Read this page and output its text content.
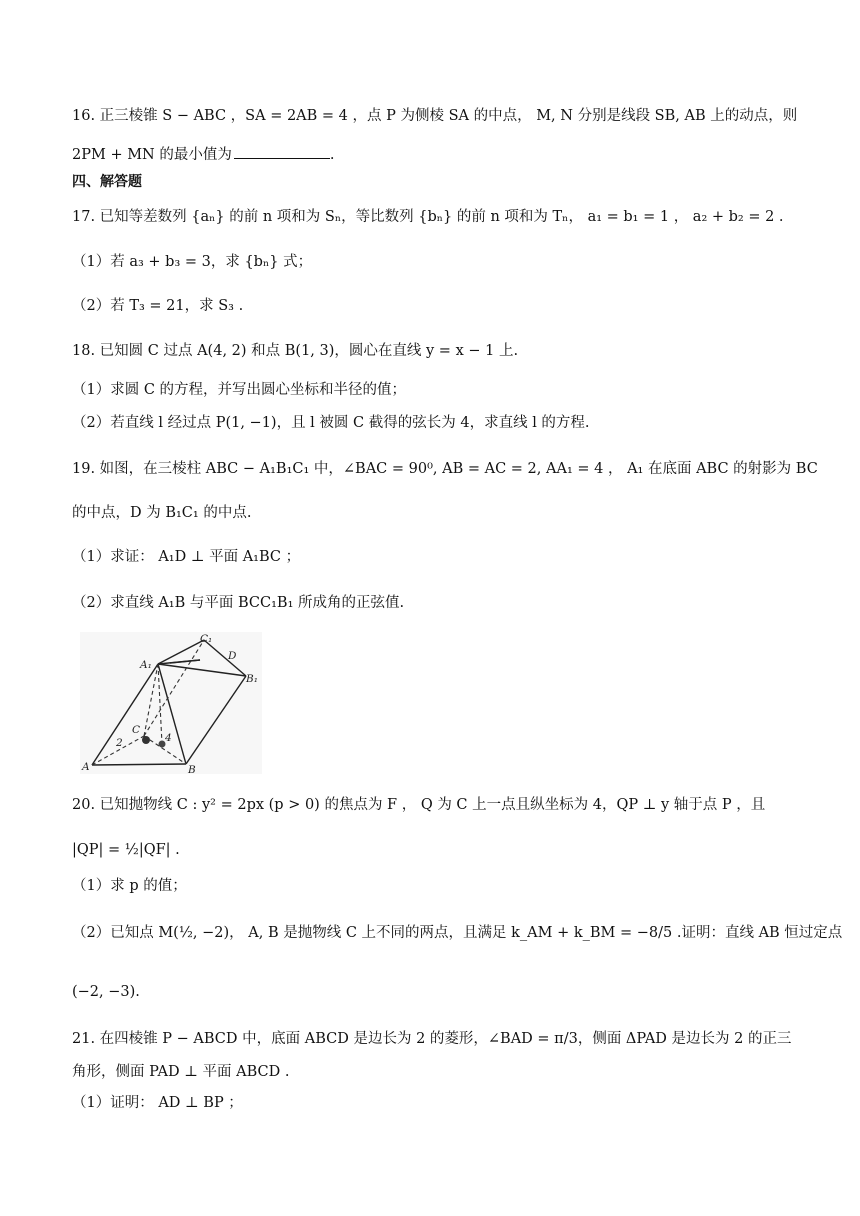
16. 正三棱锥 S − ABC ，SA = 2AB = 4 ，点 P 为侧棱 SA 的中点， M, N 分别是线段 SB, AB 上的动点，则
2PM + MN 的最小值为	.
四、解答题
17. 已知等差数列 {aₙ} 的前 n 项和为 Sₙ，等比数列 {bₙ} 的前 n 项和为 Tₙ， a₁ = b₁ = 1 ， a₂ + b₂ = 2 .
（1）若 a₃ + b₃ = 3，求 {bₙ} 式；
（2）若 T₃ = 21，求 S₃ .
18. 已知圆 C 过点 A(4, 2) 和点 B(1, 3)，圆心在直线 y = x − 1 上.
（1）求圆 C 的方程，并写出圆心坐标和半径的值；
（2）若直线 l 经过点 P(1, −1)，且 l 被圆 C 截得的弦长为 4，求直线 l 的方程.
19. 如图，在三棱柱 ABC − A₁B₁C₁ 中，∠BAC = 90⁰, AB = AC = 2, AA₁ = 4 ， A₁ 在底面 ABC 的射影为 BC
的中点，D 为 B₁C₁ 的中点.
（1）求证： A₁D ⊥ 平面 A₁BC ；
（2）求直线 A₁B 与平面 BCC₁B₁ 所成角的正弦值.
C₁
D
A₁
B₁
C
A	B
2	4
20. 已知抛物线 C : y² = 2px (p > 0) 的焦点为 F ， Q 为 C 上一点且纵坐标为 4，QP ⊥ y 轴于点 P ，且
|QP| = ½|QF| .
（1）求 p 的值；
（2）已知点 M(½, −2)， A, B 是抛物线 C 上不同的两点，且满足 k_AM + k_BM = −8/5 .证明：直线 AB 恒过定点
(−2, −3).
21. 在四棱锥 P − ABCD 中，底面 ABCD 是边长为 2 的菱形，∠BAD = π/3，侧面 ΔPAD 是边长为 2 的正三
角形，侧面 PAD ⊥ 平面 ABCD .
（1）证明： AD ⊥ BP ；
